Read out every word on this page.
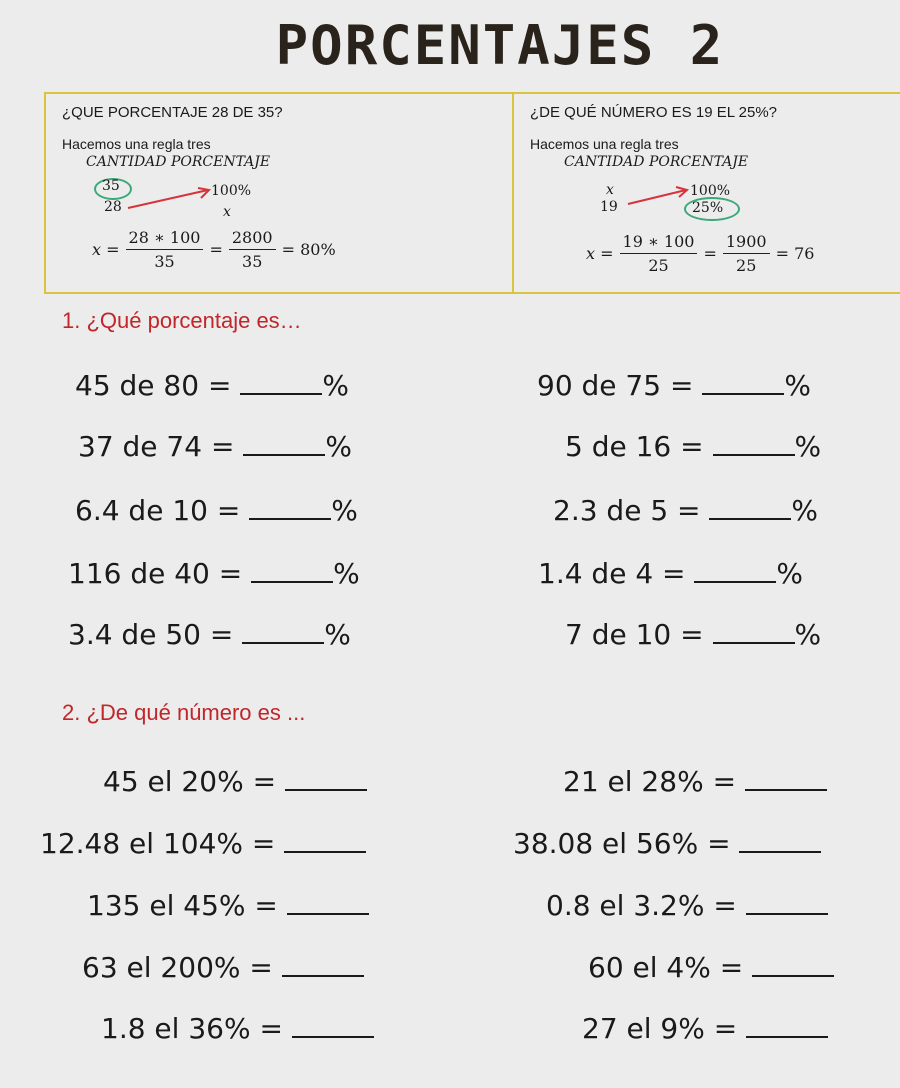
PORCENTAJES 2
¿QUE PORCENTAJE 28 DE 35?
Hacemos una regla tres
CANTIDAD PORCENTAJE
35	100%
28	x
$x = \frac{28 ∗ 100}{35} = \frac{2800}{35} = 80\%$
¿DE QUÉ NÚMERO ES 19 EL 25%?
Hacemos una regla tres
CANTIDAD PORCENTAJE
x	100%
19	25%
$x = \frac{19 ∗ 100}{25} = \frac{1900}{25} = 76$
1. ¿Qué porcentaje es…
45 de 80 =	%	90 de 75 =	%
37 de 74 =	%	5 de 16 =	%
6.4 de 10 =	%	2.3 de 5 =	%
116 de 40 =	%	1.4 de 4 =	%
3.4 de 50 =	%	7 de 10 =	%
2. ¿De qué número es ...
45 el 20% =	21 el 28% =
12.48 el 104% =	38.08 el 56% =
135 el 45% =	0.8 el 3.2% =
63 el 200% =	60 el 4% =
1.8 el 36% =	27 el 9% =
